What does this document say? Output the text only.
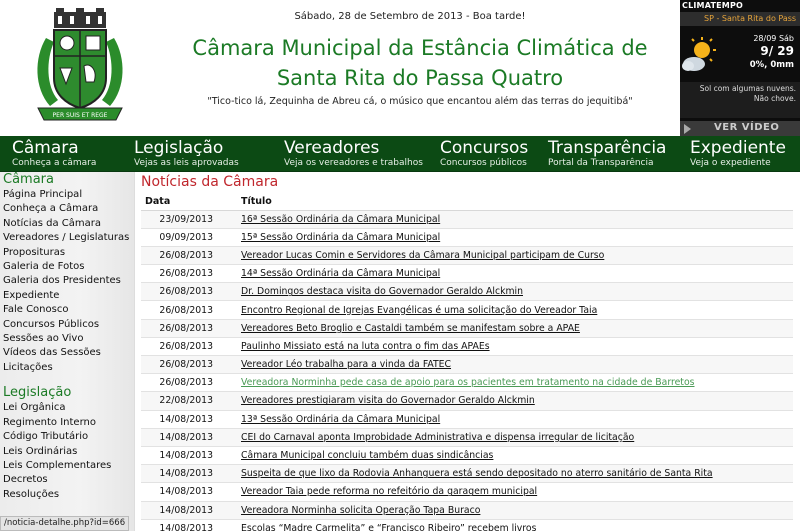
PER SUIS ET REGE
Sábado, 28 de Setembro de 2013 - Boa tarde!
Câmara Municipal da Estância Climática de
Santa Rita do Passa Quatro
"Tico-tico lá, Zequinha de Abreu cá, o músico que encantou além das terras do jequitibá"
CLIMATEMPO
SP - Santa Rita do Pass
28/09 Sáb
9/ 29
0%, 0mm
Sol com algumas nuvens. Não chove.
VER VÍDEO
Câmara
Conheça a câmara
Legislação
Vejas as leis aprovadas
Vereadores
Veja os vereadores e trabalhos
Concursos
Concursos públicos
Transparência
Portal da Transparência
Expediente
Veja o expediente
Câmara
Página Principal
Conheça a Câmara
Notícias da Câmara
Vereadores / Legislaturas
Proposituras
Galeria de Fotos
Galeria dos Presidentes
Expediente
Fale Conosco
Concursos Públicos
Sessões ao Vivo
Vídeos das Sessões
Licitações
Legislação
Lei Orgânica
Regimento Interno
Código Tributário
Leis Ordinárias
Leis Complementares
Decretos
Resoluções
Notícias da Câmara
Data	Título
23/09/2013	16ª Sessão Ordinária da Câmara Municipal
09/09/2013	15ª Sessão Ordinária da Câmara Municipal
26/08/2013	Vereador Lucas Comin e Servidores da Câmara Municipal participam de Curso
26/08/2013	14ª Sessão Ordinária da Câmara Municipal
26/08/2013	Dr. Domingos destaca visita do Governador Geraldo Alckmin
26/08/2013	Encontro Regional de Igrejas Evangélicas é uma solicitação do Vereador Taia
26/08/2013	Vereadores Beto Broglio e Castaldi também se manifestam sobre a APAE
26/08/2013	Paulinho Missiato está na luta contra o fim das APAEs
26/08/2013	Vereador Léo trabalha para a vinda da FATEC
26/08/2013	Vereadora Norminha pede casa de apoio para os pacientes em tratamento na cidade de Barretos
22/08/2013	Vereadores prestigiaram visita do Governador Geraldo Alckmin
14/08/2013	13ª Sessão Ordinária da Câmara Municipal
14/08/2013	CEI do Carnaval aponta Improbidade Administrativa e dispensa irregular de licitação
14/08/2013	Câmara Municipal concluiu também duas sindicâncias
14/08/2013	Suspeita de que lixo da Rodovia Anhanguera está sendo depositado no aterro sanitário de Santa Rita
14/08/2013	Vereador Taia pede reforma no refeitório da garagem municipal
14/08/2013	Vereadora Norminha solicita Operação Tapa Buraco
14/08/2013	Escolas “Madre Carmelita” e “Francisco Ribeiro” recebem livros
/noticia-detalhe.php?id=666
